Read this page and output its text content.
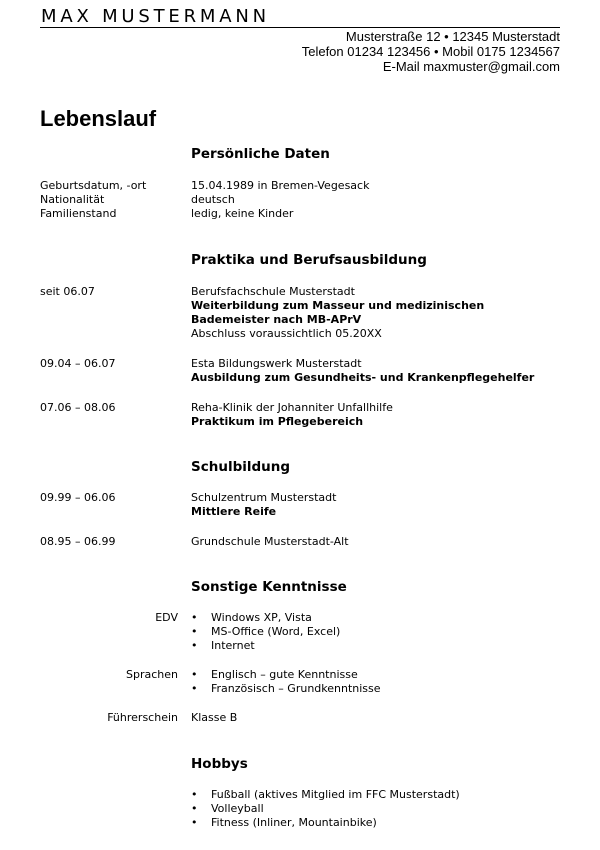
MAX MUSTERMANN
Musterstraße 12 • 12345 Musterstadt
Telefon 01234 123456 • Mobil 0175 1234567
E-Mail maxmuster@gmail.com
Lebenslauf
Persönliche Daten
Geburtsdatum, -ort	15.04.1989 in Bremen-Vegesack
Nationalität	deutsch
Familienstand	ledig, keine Kinder
Praktika und Berufsausbildung
seit 06.07	Berufsfachschule Musterstadt
Weiterbildung zum Masseur und medizinischen
Bademeister nach MB-APrV
Abschluss voraussichtlich 05.20XX
09.04 – 06.07	Esta Bildungswerk Musterstadt
Ausbildung zum Gesundheits- und Krankenpflegehelfer
07.06 – 08.06	Reha-Klinik der Johanniter Unfallhilfe
Praktikum im Pflegebereich
Schulbildung
09.99 – 06.06	Schulzentrum Musterstadt
Mittlere Reife
08.95 – 06.99	Grundschule Musterstadt-Alt
Sonstige Kenntnisse
EDV • Windows XP, Vista
• MS-Office (Word, Excel)
• Internet
Sprachen • Englisch – gute Kenntnisse
• Französisch – Grundkenntnisse
Führerschein Klasse B
Hobbys
• Fußball (aktives Mitglied im FFC Musterstadt)
• Volleyball
• Fitness (Inliner, Mountainbike)
